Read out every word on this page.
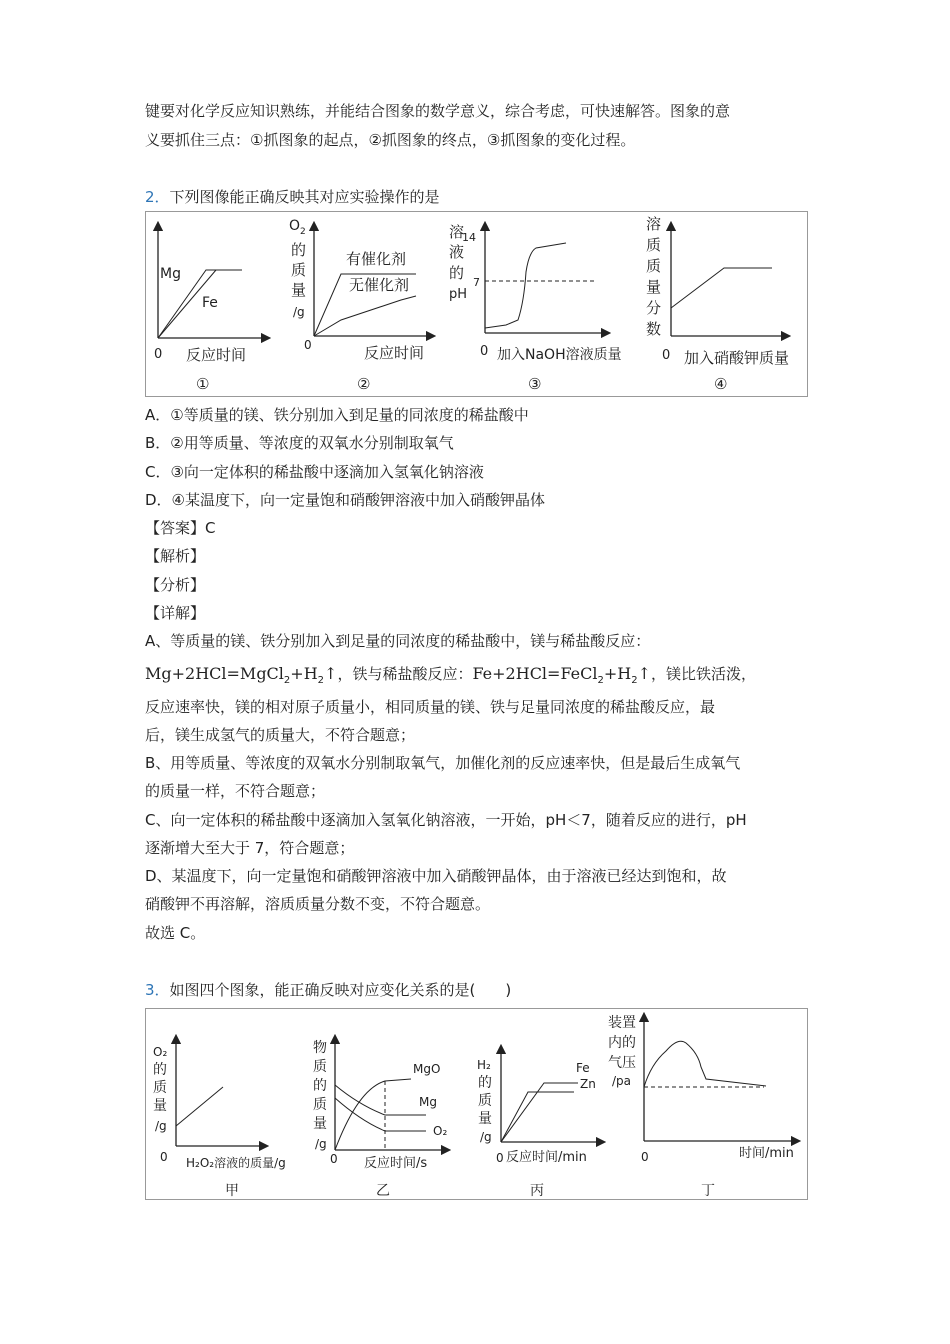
键要对化学反应知识熟练，并能结合图象的数学意义，综合考虑，可快速解答。图象的意
义要抓住三点：①抓图象的起点，②抓图象的终点，③抓图象的变化过程。
2．下列图像能正确反映其对应实验操作的是
Mg
Fe
0 反应时间
①
O 2
的
质
量
/g
有催化剂
无催化剂
0	反应时间
②
溶
液
的
pH
14
7
0 加入NaOH溶液质量
③
溶
质
质
量
分
数
0 加入硝酸钾质量
④
A．①等质量的镁、铁分别加入到足量的同浓度的稀盐酸中
B．②用等质量、等浓度的双氧水分别制取氧气
C．③向一定体积的稀盐酸中逐滴加入氢氧化钠溶液
D．④某温度下，向一定量饱和硝酸钾溶液中加入硝酸钾晶体
【答案】C
【解析】
【分析】
【详解】
A、等质量的镁、铁分别加入到足量的同浓度的稀盐酸中，镁与稀盐酸反应：
$Mg+2HCl=MgCl_2+H_2↑$，铁与稀盐酸反应：$Fe+2HCl=FeCl_2+H_2↑$，镁比铁活泼，
反应速率快，镁的相对原子质量小，相同质量的镁、铁与足量同浓度的稀盐酸反应，最
后，镁生成氢气的质量大，不符合题意；
B、用等质量、等浓度的双氧水分别制取氧气，加催化剂的反应速率快，但是最后生成氧气
的质量一样，不符合题意；
C、向一定体积的稀盐酸中逐滴加入氢氧化钠溶液，一开始，pH＜7，随着反应的进行，pH
逐渐增大至大于 7，符合题意；
D、某温度下，向一定量饱和硝酸钾溶液中加入硝酸钾晶体，由于溶液已经达到饱和，故
硝酸钾不再溶解，溶质质量分数不变，不符合题意。
故选 C。
3．如图四个图象，能正确反映对应变化关系的是(　　)
O₂
的
质
量
/g
0 H₂O₂溶液的质量/g
甲
物
质
的
质
量
/g
MgO
Mg
O₂
0 反应时间/s
乙
H₂
的
质
量
/g
Fe
Zn
0 反应时间/min
丙
装置
内的
气压
/pa
0	时间/min
丁
